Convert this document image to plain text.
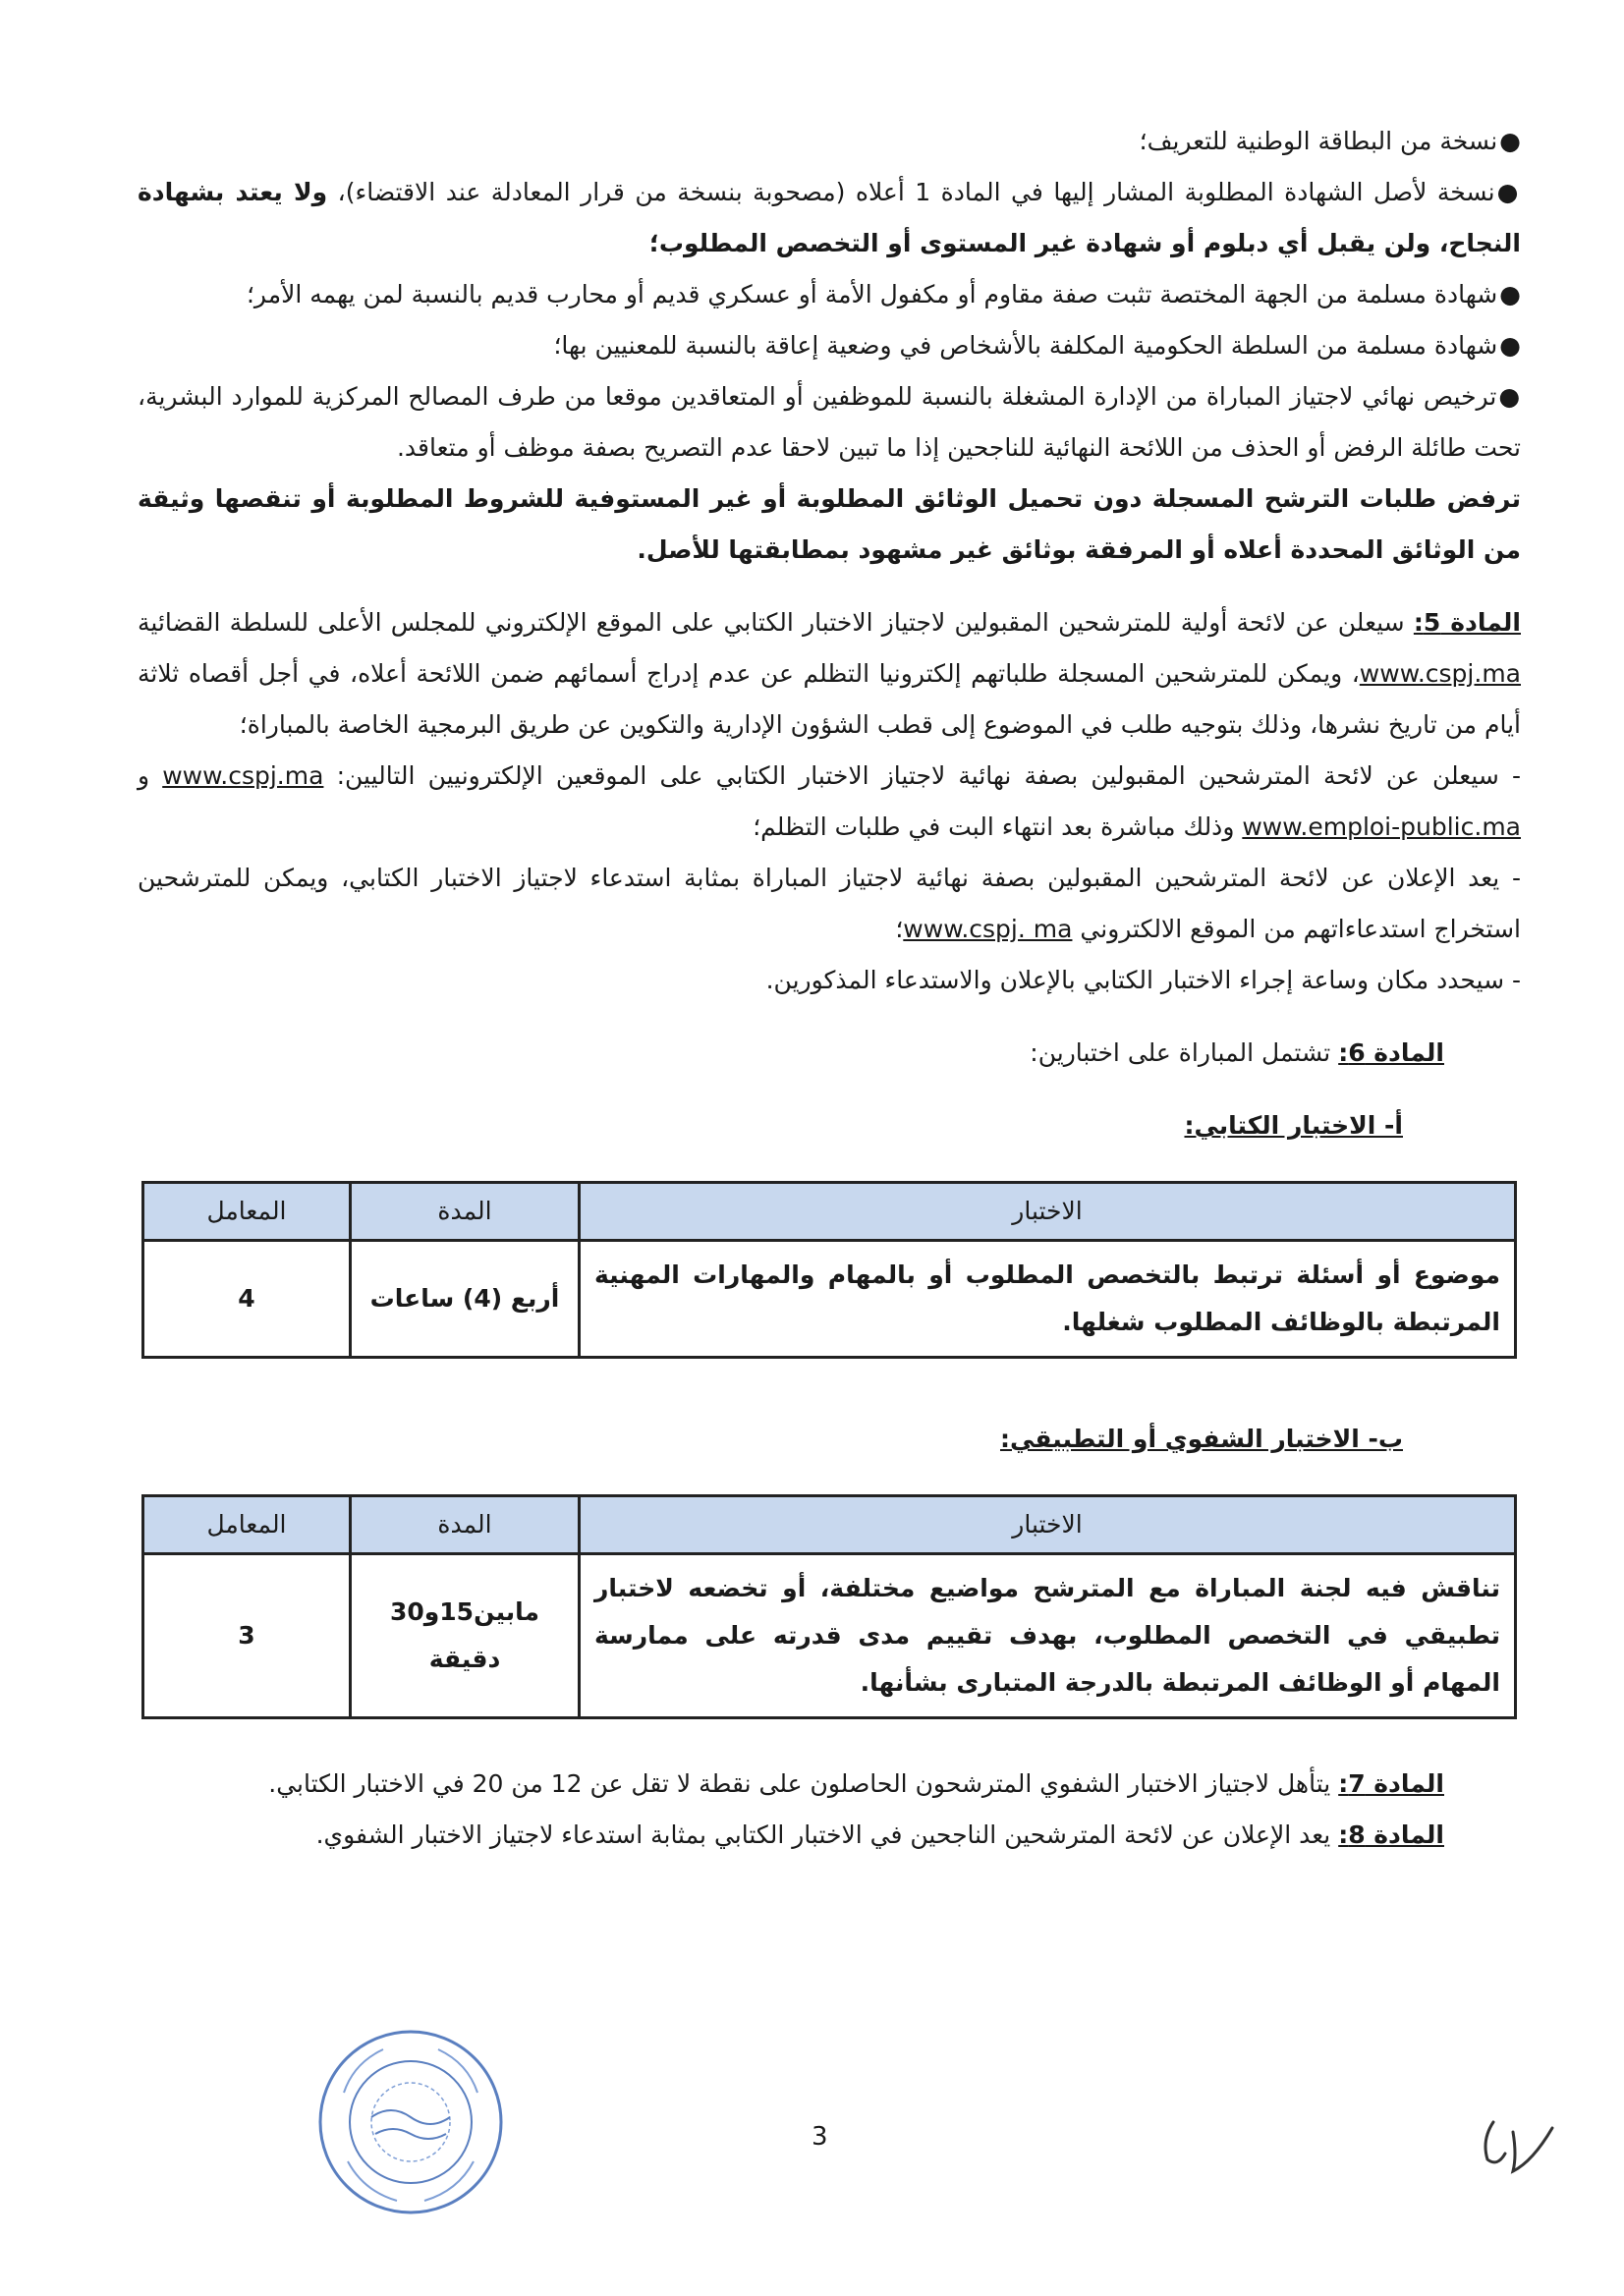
●نسخة من البطاقة الوطنية للتعريف؛

●نسخة لأصل الشهادة المطلوبة المشار إليها في المادة 1 أعلاه (مصحوبة بنسخة من قرار المعادلة عند الاقتضاء)، ولا يعتد بشهادة النجاح، ولن يقبل أي دبلوم أو شهادة غير المستوى أو التخصص المطلوب؛

●شهادة مسلمة من الجهة المختصة تثبت صفة مقاوم أو مكفول الأمة أو عسكري قديم أو محارب قديم بالنسبة لمن يهمه الأمر؛

●شهادة مسلمة من السلطة الحكومية المكلفة بالأشخاص في وضعية إعاقة بالنسبة للمعنيين بها؛

●ترخيص نهائي لاجتياز المباراة من الإدارة المشغلة بالنسبة للموظفين أو المتعاقدين موقعا من طرف المصالح المركزية للموارد البشرية، تحت طائلة الرفض أو الحذف من اللائحة النهائية للناجحين إذا ما تبين لاحقا عدم التصريح بصفة موظف أو متعاقد.

ترفض طلبات الترشح المسجلة دون تحميل الوثائق المطلوبة أو غير المستوفية للشروط المطلوبة أو تنقصها وثيقة من الوثائق المحددة أعلاه أو المرفقة بوثائق غير مشهود بمطابقتها للأصل.

المادة 5: سيعلن عن لائحة أولية للمترشحين المقبولين لاجتياز الاختبار الكتابي على الموقع الإلكتروني للمجلس الأعلى للسلطة القضائية www.cspj.ma، ويمكن للمترشحين المسجلة طلباتهم إلكترونيا التظلم عن عدم إدراج أسمائهم ضمن اللائحة أعلاه، في أجل أقصاه ثلاثة أيام من تاريخ نشرها، وذلك بتوجيه طلب في الموضوع إلى قطب الشؤون الإدارية والتكوين عن طريق البرمجية الخاصة بالمباراة؛

- سيعلن عن لائحة المترشحين المقبولين بصفة نهائية لاجتياز الاختبار الكتابي على الموقعين الإلكترونيين التاليين: www.cspj.ma و www.emploi-public.ma وذلك مباشرة بعد انتهاء البت في طلبات التظلم؛

- يعد الإعلان عن لائحة المترشحين المقبولين بصفة نهائية لاجتياز المباراة بمثابة استدعاء لاجتياز الاختبار الكتابي، ويمكن للمترشحين استخراج استدعاءاتهم من الموقع الالكتروني www.cspj. ma؛

- سيحدد مكان وساعة إجراء الاختبار الكتابي بالإعلان والاستدعاء المذكورين.

المادة 6: تشتمل المباراة على اختبارين:

أ- الاختبار الكتابي:

الاختبار	المدة	المعامل
موضوع أو أسئلة ترتبط بالتخصص المطلوب أو بالمهام والمهارات المهنية المرتبطة بالوظائف المطلوب شغلها.	أربع (4) ساعات	4

ب- الاختبار الشفوي أو التطبيقي:

الاختبار	المدة	المعامل
تناقش فيه لجنة المباراة مع المترشح مواضيع مختلفة، أو تخضعه لاختبار تطبيقي في التخصص المطلوب، بهدف تقييم مدى قدرته على ممارسة المهام أو الوظائف المرتبطة بالدرجة المتبارى بشأنها.	مابين15و30 دقيقة	3

المادة 7: يتأهل لاجتياز الاختبار الشفوي المترشحون الحاصلون على نقطة لا تقل عن 12 من 20 في الاختبار الكتابي.

المادة 8: يعد الإعلان عن لائحة المترشحين الناجحين في الاختبار الكتابي بمثابة استدعاء لاجتياز الاختبار الشفوي.

3
